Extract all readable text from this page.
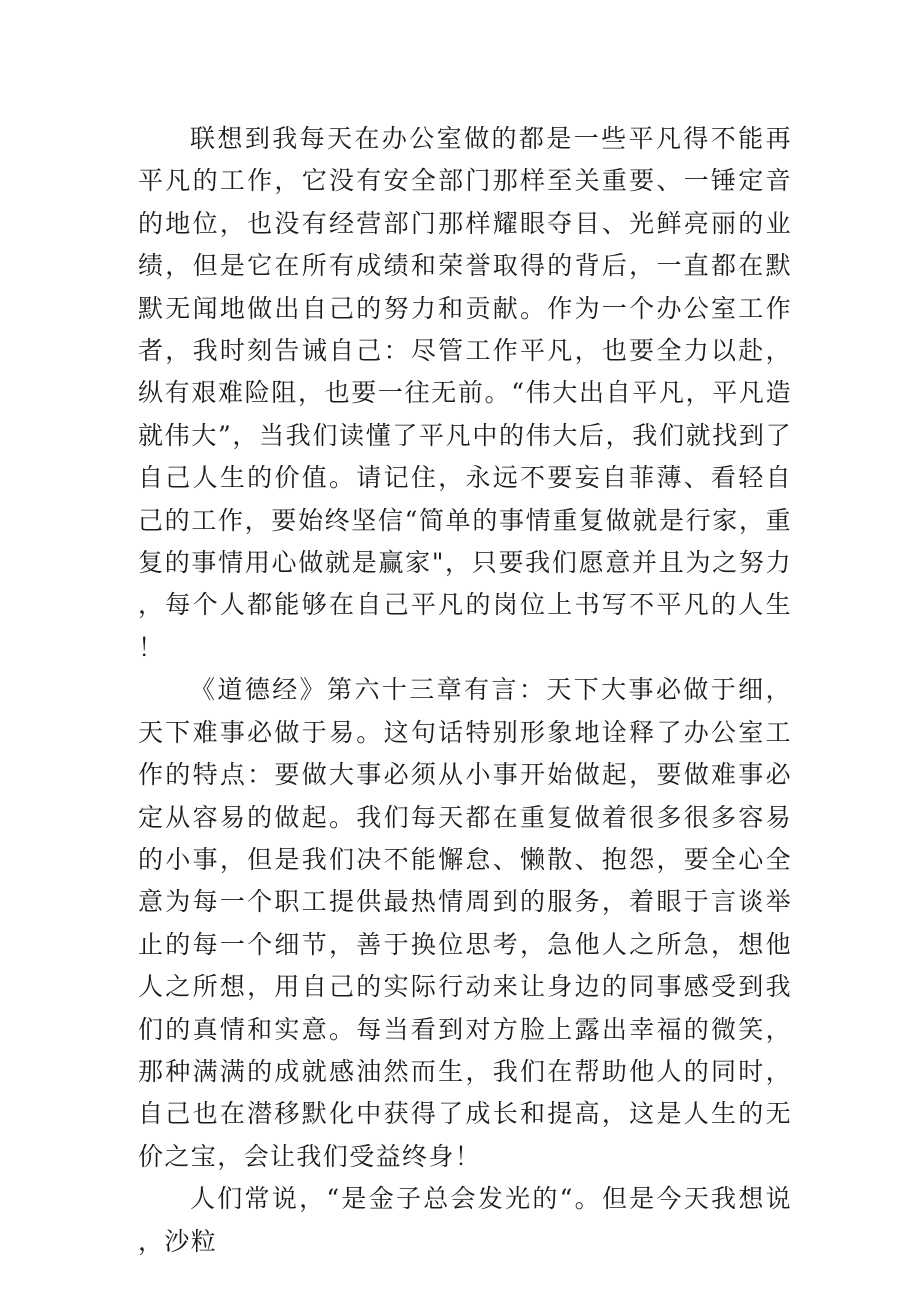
联想到我每天在办公室做的都是一些平凡得不能再平凡的工作，它没有安全部门那样至关重要、一锤定音的地位，也没有经营部门那样耀眼夺目、光鲜亮丽的业绩，但是它在所有成绩和荣誉取得的背后，一直都在默默无闻地做出自己的努力和贡献。作为一个办公室工作者，我时刻告诫自己：尽管工作平凡，也要全力以赴，纵有艰难险阻，也要一往无前。“伟大出自平凡，平凡造就伟大”，当我们读懂了平凡中的伟大后，我们就找到了自己人生的价值。请记住，永远不要妄自菲薄、看轻自己的工作，要始终坚信“简单的事情重复做就是行家，重复的事情用心做就是赢家"，只要我们愿意并且为之努力，每个人都能够在自己平凡的岗位上书写不平凡的人生！

《道德经》第六十三章有言：天下大事必做于细，天下难事必做于易。这句话特别形象地诠释了办公室工作的特点：要做大事必须从小事开始做起，要做难事必定从容易的做起。我们每天都在重复做着很多很多容易的小事，但是我们决不能懈怠、懒散、抱怨，要全心全意为每一个职工提供最热情周到的服务，着眼于言谈举止的每一个细节，善于换位思考，急他人之所急，想他人之所想，用自己的实际行动来让身边的同事感受到我们的真情和实意。每当看到对方脸上露出幸福的微笑，那种满满的成就感油然而生，我们在帮助他人的同时，自己也在潜移默化中获得了成长和提高，这是人生的无价之宝，会让我们受益终身！

人们常说，“是金子总会发光的“。但是今天我想说，沙粒
